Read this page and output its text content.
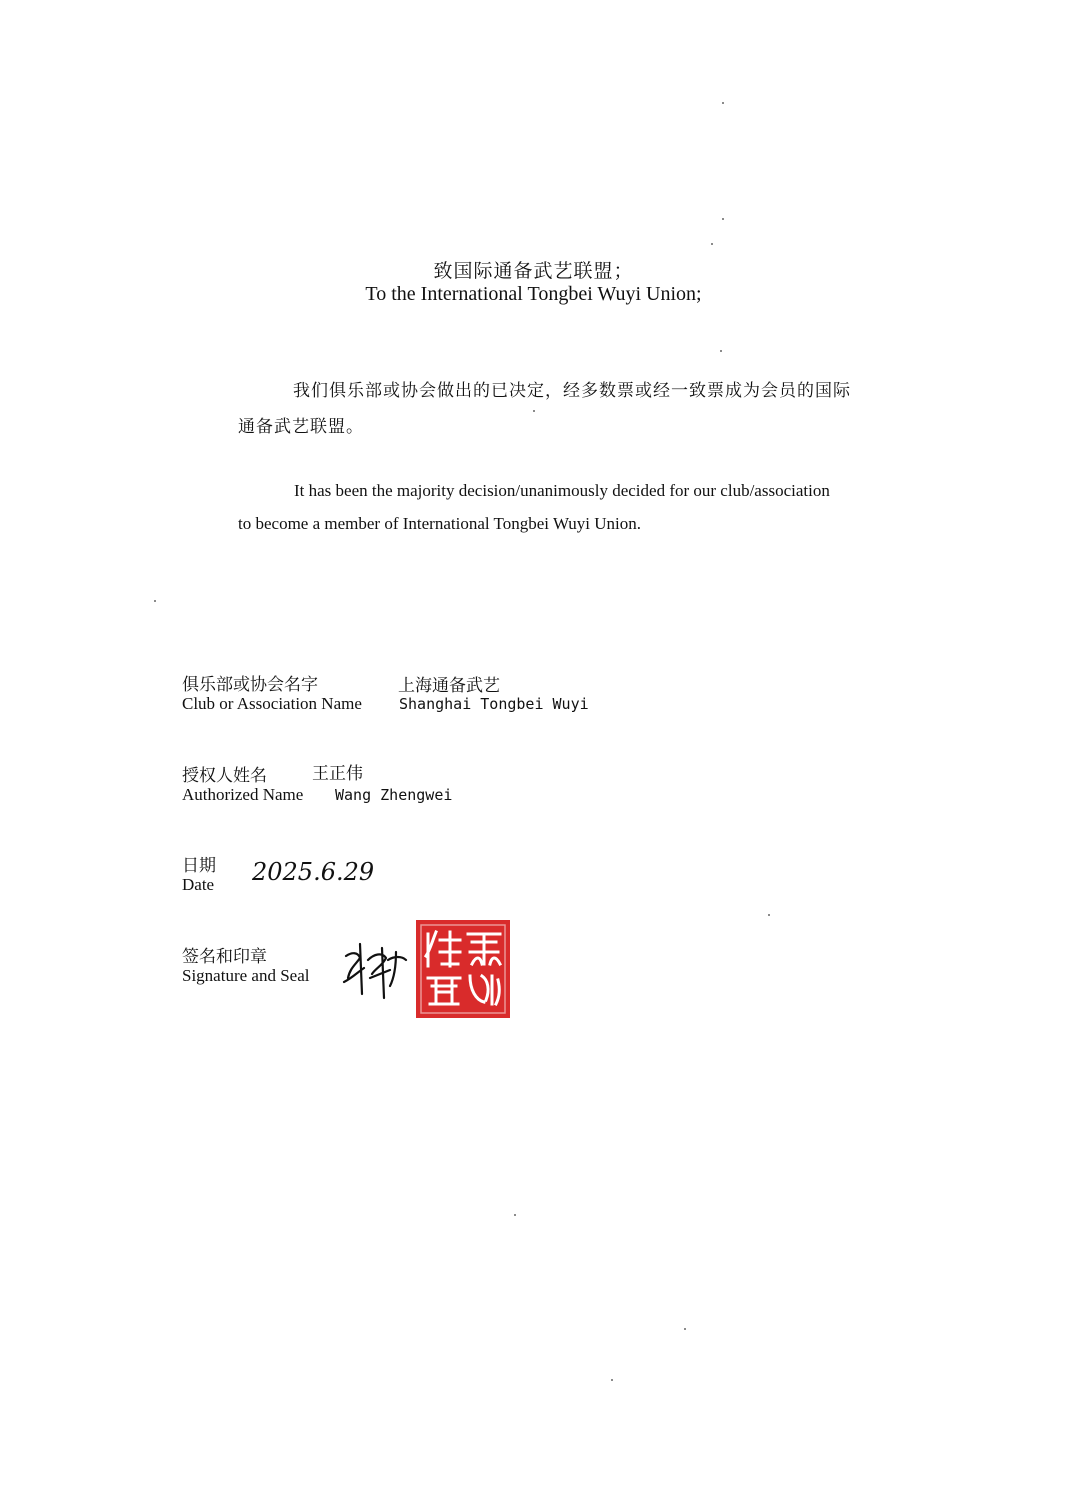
致国际通备武艺联盟；
To the International Tongbei Wuyi Union;
我们俱乐部或协会做出的已决定，经多数票或经一致票成为会员的国际
通备武艺联盟。
It has been the majority decision/unanimously decided for our club/association
to become a member of International Tongbei Wuyi Union.
俱乐部或协会名字	上海通备武艺
Club or Association Name Shanghai Tongbei Wuyi
授权人姓名	王正伟
Authorized Name Wang Zhengwei
日期
Date 2025.6.29
签名和印章
Signature and Seal
